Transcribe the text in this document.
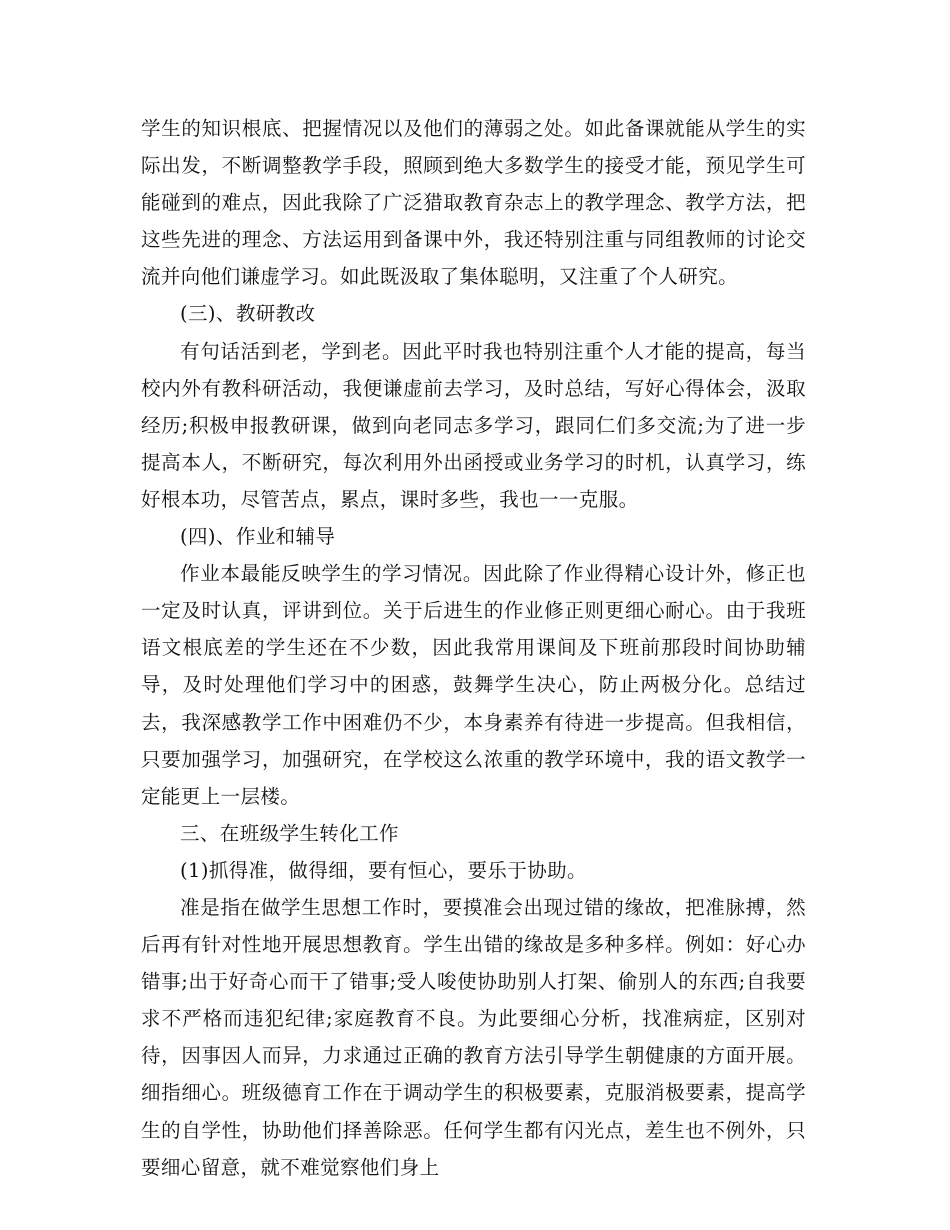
学生的知识根底、把握情况以及他们的薄弱之处。如此备课就能从学生的实际出发，不断调整教学手段，照顾到绝大多数学生的接受才能，预见学生可能碰到的难点，因此我除了广泛猎取教育杂志上的教学理念、教学方法，把这些先进的理念、方法运用到备课中外，我还特别注重与同组教师的讨论交流并向他们谦虚学习。如此既汲取了集体聪明，又注重了个人研究。

(三)、教研教改

有句话活到老，学到老。因此平时我也特别注重个人才能的提高，每当校内外有教科研活动，我便谦虚前去学习，及时总结，写好心得体会，汲取经历;积极申报教研课，做到向老同志多学习，跟同仁们多交流;为了进一步提高本人，不断研究，每次利用外出函授或业务学习的时机，认真学习，练好根本功，尽管苦点，累点，课时多些，我也一一克服。

(四)、作业和辅导

作业本最能反映学生的学习情况。因此除了作业得精心设计外，修正也一定及时认真，评讲到位。关于后进生的作业修正则更细心耐心。由于我班语文根底差的学生还在不少数，因此我常用课间及下班前那段时间协助辅导，及时处理他们学习中的困惑，鼓舞学生决心，防止两极分化。总结过去，我深感教学工作中困难仍不少，本身素养有待进一步提高。但我相信，只要加强学习，加强研究，在学校这么浓重的教学环境中，我的语文教学一定能更上一层楼。

三、在班级学生转化工作

(1)抓得准，做得细，要有恒心，要乐于协助。

准是指在做学生思想工作时，要摸准会出现过错的缘故，把准脉搏，然后再有针对性地开展思想教育。学生出错的缘故是多种多样。例如：好心办错事;出于好奇心而干了错事;受人唆使协助别人打架、偷别人的东西;自我要求不严格而违犯纪律;家庭教育不良。为此要细心分析，找准病症，区别对待，因事因人而异，力求通过正确的教育方法引导学生朝健康的方面开展。细指细心。班级德育工作在于调动学生的积极要素，克服消极要素，提高学生的自学性，协助他们择善除恶。任何学生都有闪光点，差生也不例外，只要细心留意，就不难觉察他们身上
